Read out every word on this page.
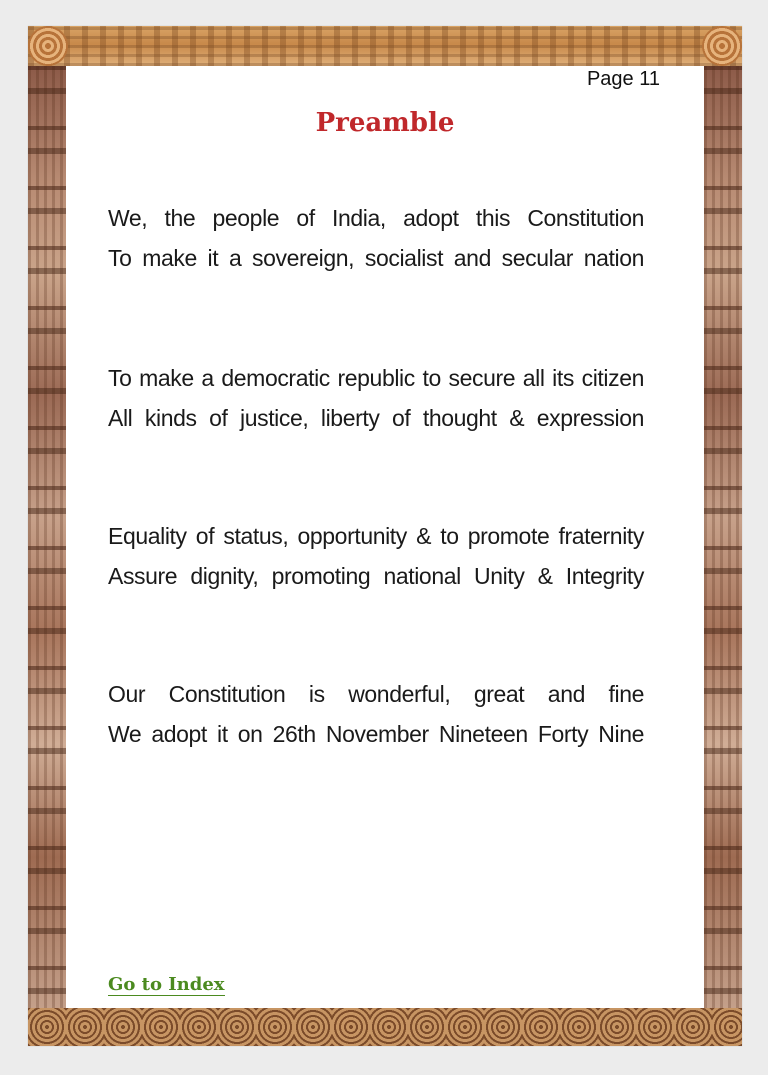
Page 11
Preamble
We, the people of India, adopt this Constitution
To make it a sovereign, socialist and secular nation
To make a democratic republic to secure all its citizen
All kinds of justice, liberty of thought & expression
Equality of status, opportunity & to promote fraternity
Assure dignity, promoting national Unity & Integrity
Our Constitution is wonderful, great and fine
We adopt it on 26th November Nineteen Forty Nine
Go to Index
